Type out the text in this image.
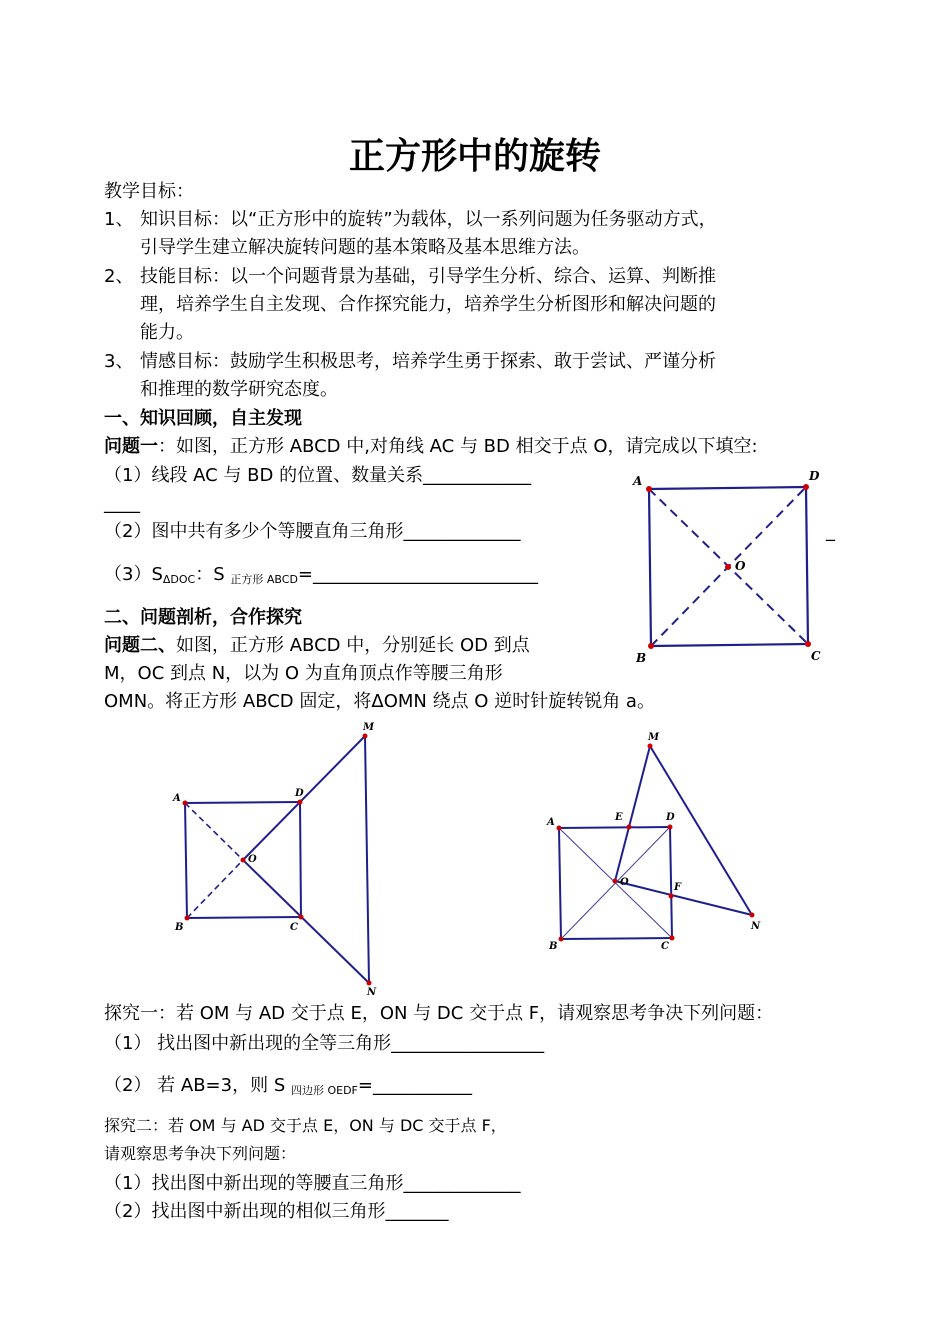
正方形中的旋转
教学目标：
1、 知识目标：以“正方形中的旋转”为载体，以一系列问题为任务驱动方式，
引导学生建立解决旋转问题的基本策略及基本思维方法。
2、 技能目标：以一个问题背景为基础，引导学生分析、综合、运算、判断推
理，培养学生自主发现、合作探究能力，培养学生分析图形和解决问题的
能力。
3、 情感目标：鼓励学生积极思考，培养学生勇于探索、敢于尝试、严谨分析
和推理的数学研究态度。
一、知识回顾，自主发现
问题一：如图，正方形 ABCD 中,对角线 AC 与 BD 相交于点 O，请完成以下填空:
（1）线段 AC 与 BD 的位置、数量关系____________
____
（2）图中共有多少个等腰直角三角形_____________	_
$(3)S_{\Delta DOC}$：S $_{正方形 ABCD}$=_________________________
二、问题剖析，合作探究
问题二、如图，正方形 ABCD 中，分别延长 OD 到点
M，OC 到点 N，以为 O 为直角顶点作等腰三角形
OMN。将正方形 ABCD 固定，将ΔOMN 绕点 O 逆时针旋转锐角 a。
探究一：若 OM 与 AD 交于点 E，ON 与 DC 交于点 F，请观察思考争决下列问题：
（1） 找出图中新出现的全等三角形_________________
（2） 若 AB=3，则 S $_{四边形 OEDF}$=___________
探究二：若 OM 与 AD 交于点 E，ON 与 DC 交于点 F，
请观察思考争决下列问题：
（1）找出图中新出现的等腰直三角形_____________
（2）找出图中新出现的相似三角形_______
A	D
O
B	C
M
A	D
O
B	C
N
M
A	E	D
O	F
B	C
N
